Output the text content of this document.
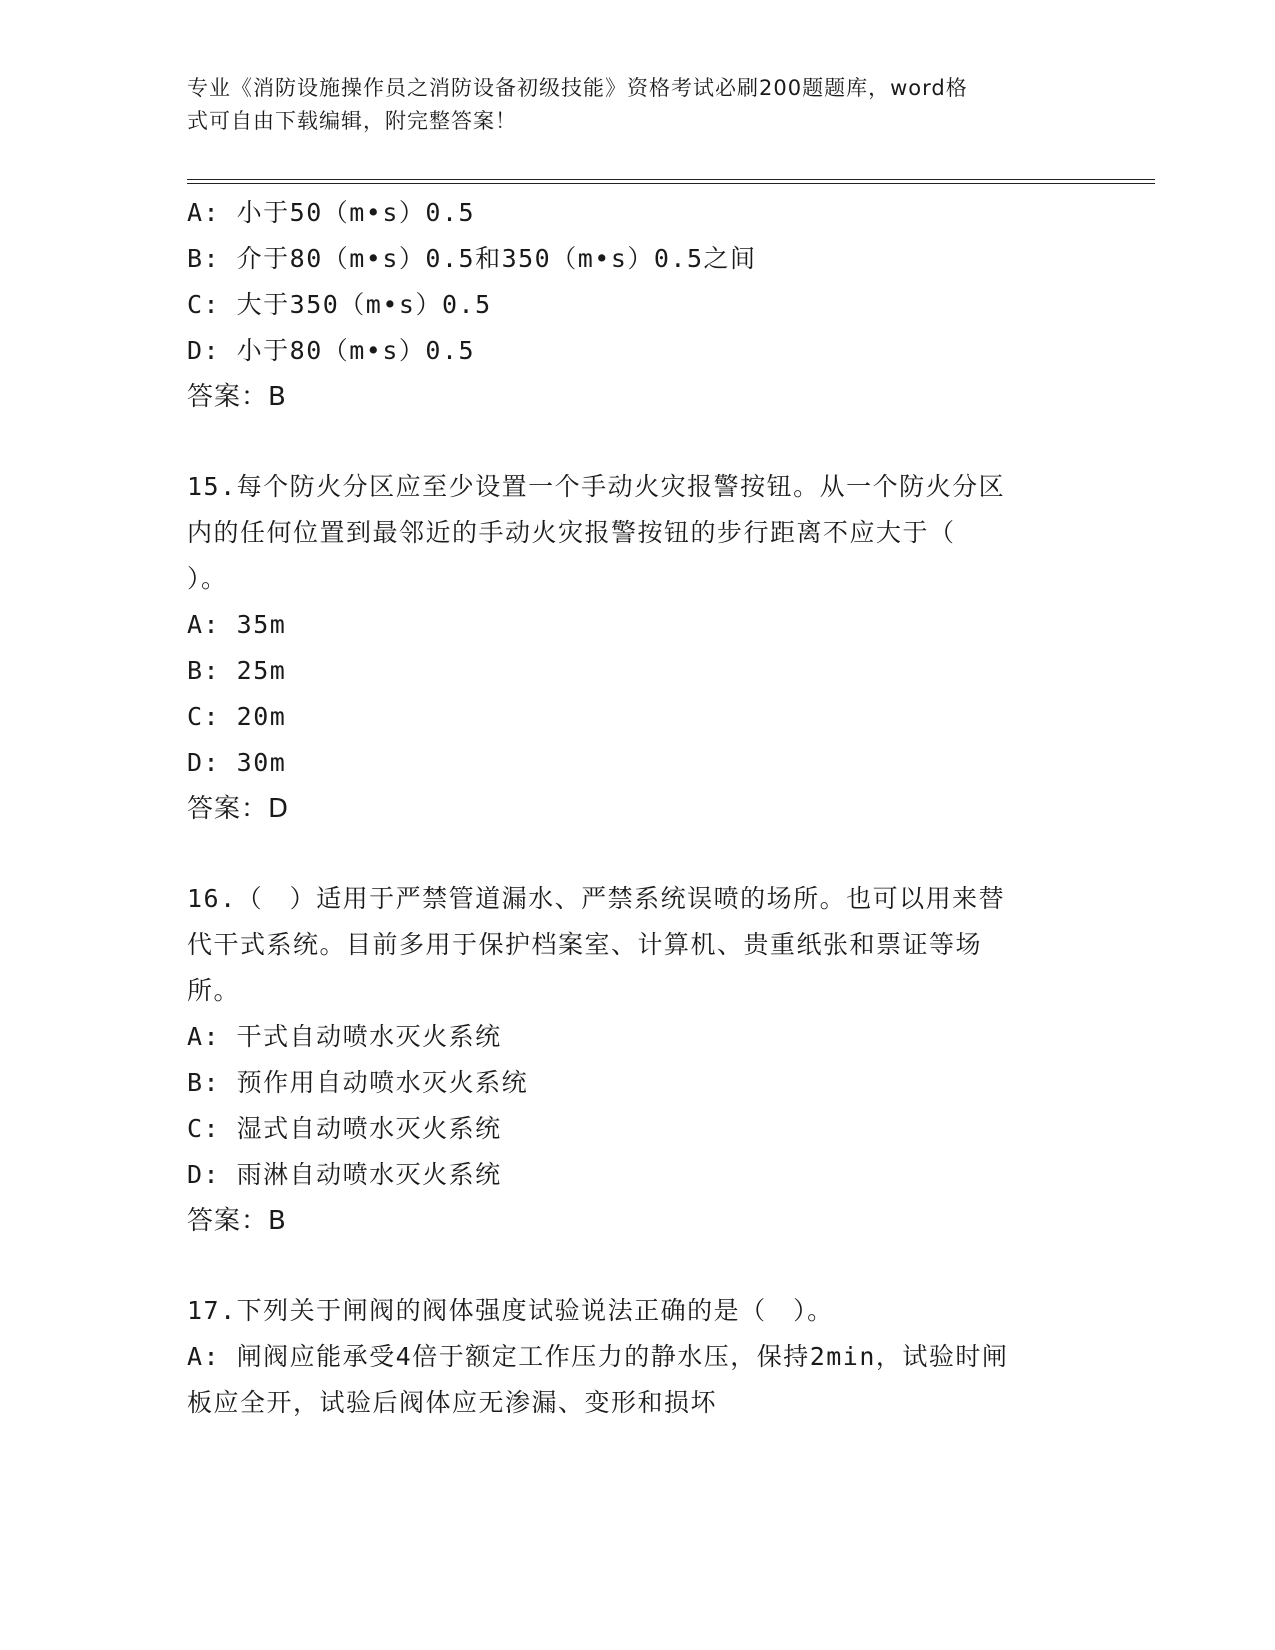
专业《消防设施操作员之消防设备初级技能》资格考试必刷200题题库，word格
式可自由下载编辑，附完整答案！
A: 小于50（m•s）0.5
B: 介于80（m•s）0.5和350（m•s）0.5之间
C: 大于350（m•s）0.5
D: 小于80（m•s）0.5
答案：B
15.每个防火分区应至少设置一个手动火灾报警按钮。从一个防火分区
内的任何位置到最邻近的手动火灾报警按钮的步行距离不应大于（
）。
A: 35m
B: 25m
C: 20m
D: 30m
答案：D
16.（　）适用于严禁管道漏水、严禁系统误喷的场所。也可以用来替
代干式系统。目前多用于保护档案室、计算机、贵重纸张和票证等场
所。
A: 干式自动喷水灭火系统
B: 预作用自动喷水灭火系统
C: 湿式自动喷水灭火系统
D: 雨淋自动喷水灭火系统
答案：B
17.下列关于闸阀的阀体强度试验说法正确的是（　）。
A: 闸阀应能承受4倍于额定工作压力的静水压，保持2min，试验时闸
板应全开，试验后阀体应无渗漏、变形和损坏
